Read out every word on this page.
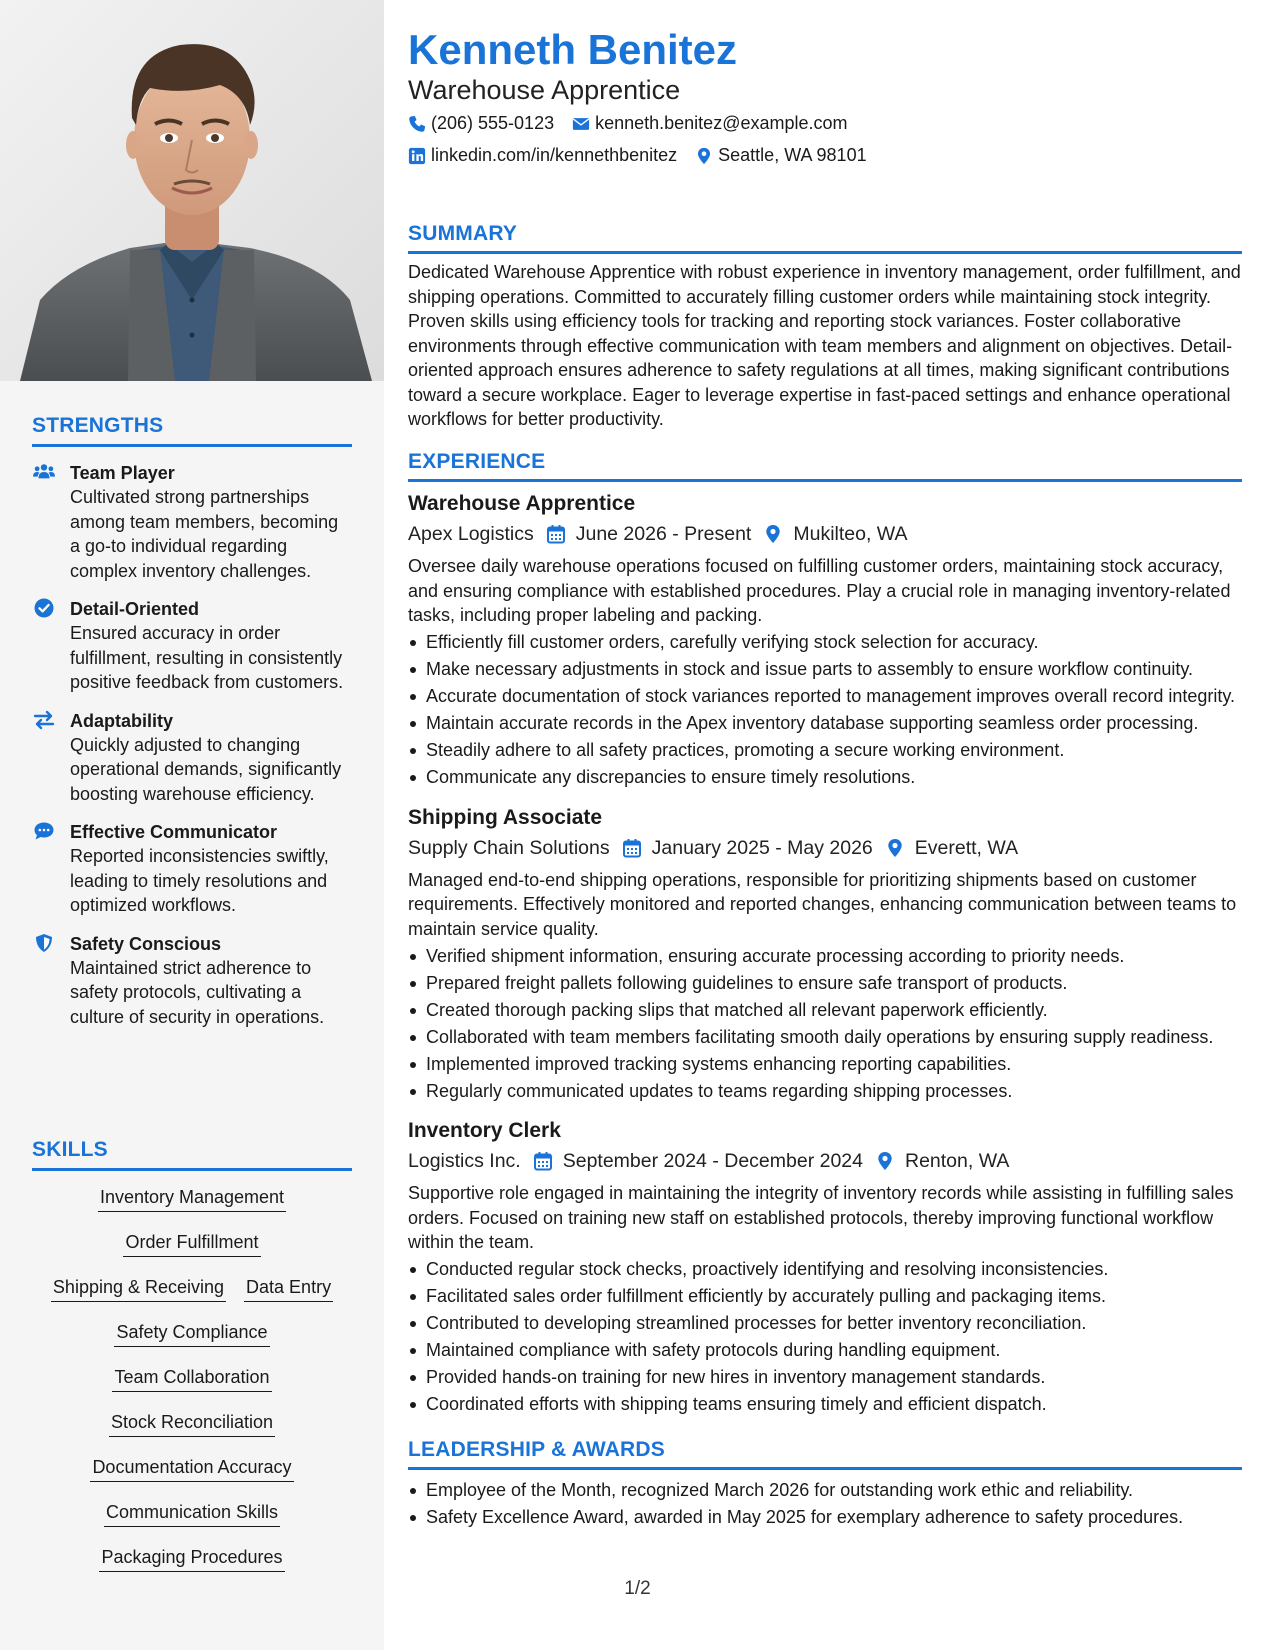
STRENGTHS
Team Player
Cultivated strong partnerships among team members, becoming a go-to individual regarding complex inventory challenges.
Detail-Oriented
Ensured accuracy in order fulfillment, resulting in consistently positive feedback from customers.
Adaptability
Quickly adjusted to changing operational demands, significantly boosting warehouse efficiency.
Effective Communicator
Reported inconsistencies swiftly, leading to timely resolutions and optimized workflows.
Safety Conscious
Maintained strict adherence to safety protocols, cultivating a culture of security in operations.
SKILLS
Inventory Management
Order Fulfillment
Shipping & Receiving Data Entry
Safety Compliance
Team Collaboration
Stock Reconciliation
Documentation Accuracy
Communication Skills
Packaging Procedures
Kenneth Benitez
Warehouse Apprentice
(206) 555-0123 kenneth.benitez@example.com
linkedin.com/in/kennethbenitez Seattle, WA 98101
SUMMARY

Dedicated Warehouse Apprentice with robust experience in inventory management, order fulfillment, and shipping operations. Committed to accurately filling customer orders while maintaining stock integrity. Proven skills using efficiency tools for tracking and reporting stock variances. Foster collaborative environments through effective communication with team members and alignment on objectives. Detail-oriented approach ensures adherence to safety regulations at all times, making significant contributions toward a secure workplace. Eager to leverage expertise in fast-paced settings and enhance operational workflows for better productivity.

EXPERIENCE
Warehouse Apprentice
Apex Logistics June 2026 - Present Mukilteo, WA

Oversee daily warehouse operations focused on fulfilling customer orders, maintaining stock accuracy, and ensuring compliance with established procedures. Play a crucial role in managing inventory-related tasks, including proper labeling and packing.

Efficiently fill customer orders, carefully verifying stock selection for accuracy.
Make necessary adjustments in stock and issue parts to assembly to ensure workflow continuity.
Accurate documentation of stock variances reported to management improves overall record integrity.
Maintain accurate records in the Apex inventory database supporting seamless order processing.
Steadily adhere to all safety practices, promoting a secure working environment.
Communicate any discrepancies to ensure timely resolutions.
Shipping Associate
Supply Chain Solutions January 2025 - May 2026 Everett, WA

Managed end-to-end shipping operations, responsible for prioritizing shipments based on customer requirements. Effectively monitored and reported changes, enhancing communication between teams to maintain service quality.

Verified shipment information, ensuring accurate processing according to priority needs.
Prepared freight pallets following guidelines to ensure safe transport of products.
Created thorough packing slips that matched all relevant paperwork efficiently.
Collaborated with team members facilitating smooth daily operations by ensuring supply readiness.
Implemented improved tracking systems enhancing reporting capabilities.
Regularly communicated updates to teams regarding shipping processes.
Inventory Clerk
Logistics Inc. September 2024 - December 2024 Renton, WA

Supportive role engaged in maintaining the integrity of inventory records while assisting in fulfilling sales orders. Focused on training new staff on established protocols, thereby improving functional workflow within the team.

Conducted regular stock checks, proactively identifying and resolving inconsistencies.
Facilitated sales order fulfillment efficiently by accurately pulling and packaging items.
Contributed to developing streamlined processes for better inventory reconciliation.
Maintained compliance with safety protocols during handling equipment.
Provided hands-on training for new hires in inventory management standards.
Coordinated efforts with shipping teams ensuring timely and efficient dispatch.
LEADERSHIP & AWARDS
Employee of the Month, recognized March 2026 for outstanding work ethic and reliability.
Safety Excellence Award, awarded in May 2025 for exemplary adherence to safety procedures.
1/2
